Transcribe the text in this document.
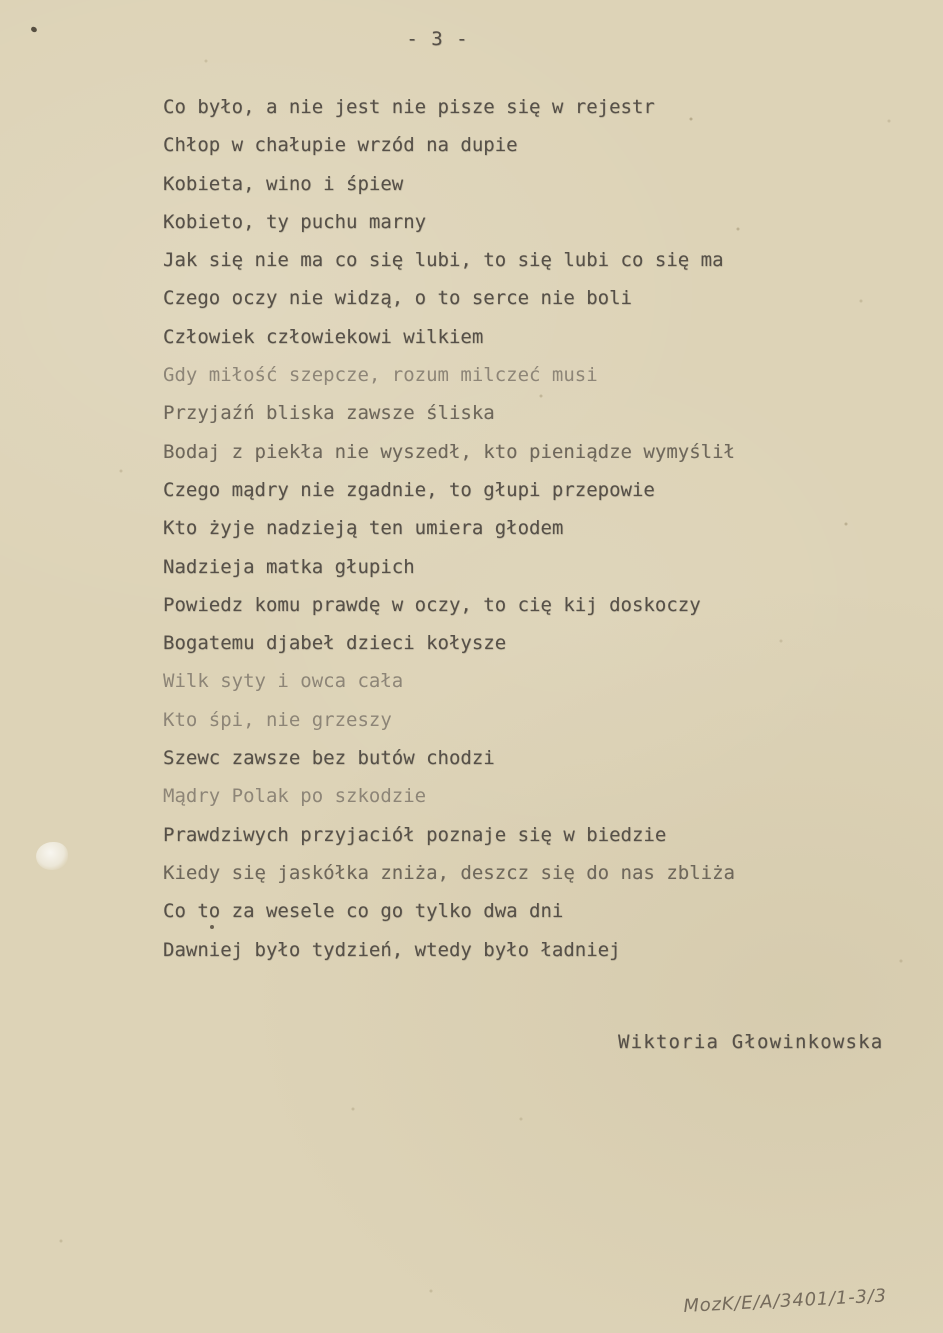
- 3 -
Co było, a nie jest nie pisze się w rejestr
Chłop w chałupie wrzód na dupie
Kobieta, wino i śpiew
Kobieto, ty puchu marny
Jak się nie ma co się lubi, to się lubi co się ma
Czego oczy nie widzą, o to serce nie boli
Człowiek człowiekowi wilkiem
Gdy miłość szepcze, rozum milczeć musi
Przyjaźń bliska zawsze śliska
Bodaj z piekła nie wyszedł, kto pieniądze wymyślił
Czego mądry nie zgadnie, to głupi przepowie
Kto żyje nadzieją ten umiera głodem
Nadzieja matka głupich
Powiedz komu prawdę w oczy, to cię kij doskoczy
Bogatemu djabeł dzieci kołysze
Wilk syty i owca cała
Kto śpi, nie grzeszy
Szewc zawsze bez butów chodzi
Mądry Polak po szkodzie
Prawdziwych przyjaciół poznaje się w biedzie
Kiedy się jaskółka zniża, deszcz się do nas zbliża
Co to za wesele co go tylko dwa dni
Dawniej było tydzień, wtedy było ładniej
Wiktoria Głowinkowska
MozK/E/A/3401/1-3/3
